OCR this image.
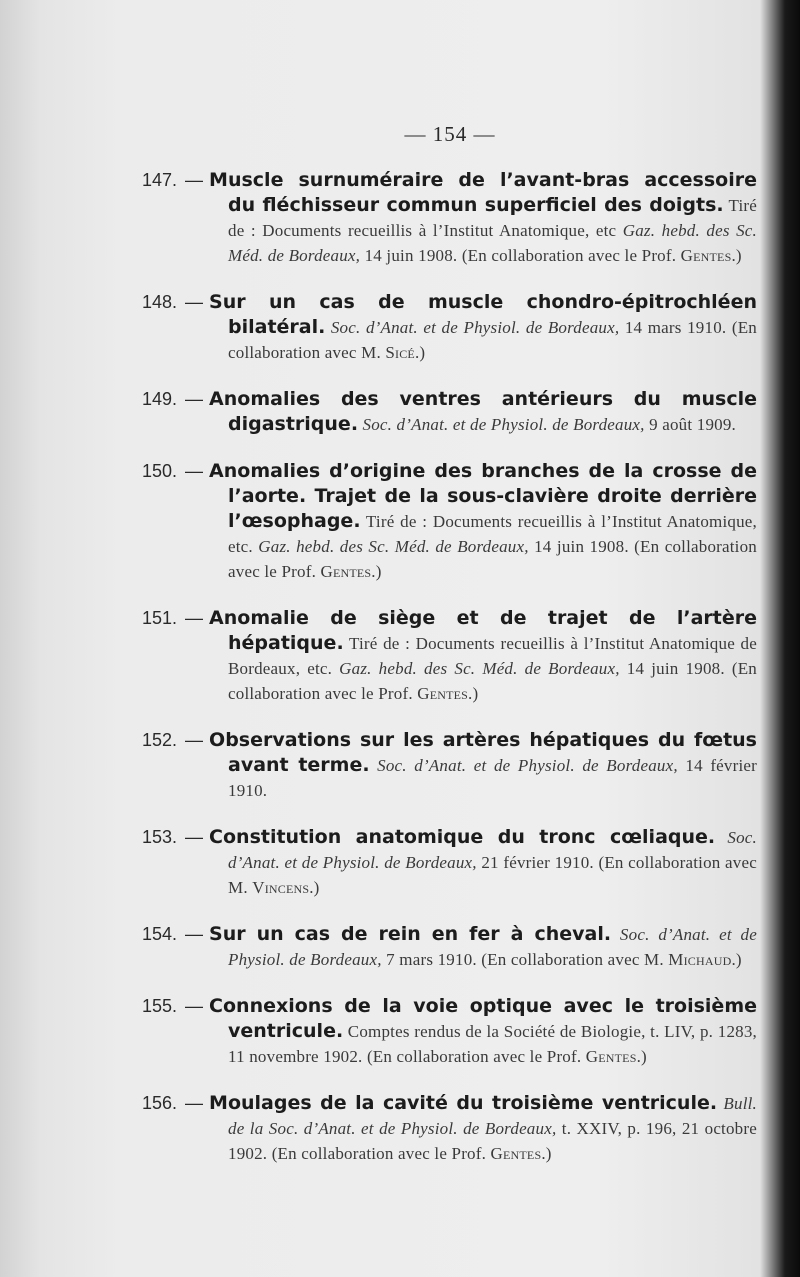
— 154 —

147. — Muscle surnuméraire de l’avant-bras accessoire du fléchisseur commun superficiel des doigts. Tiré de : Documents recueillis à l’Institut Anatomique, etc Gaz. hebd. des Sc. Méd. de Bordeaux, 14 juin 1908. (En collaboration avec le Prof. Gentes.)

148. — Sur un cas de muscle chondro-épitrochléen bilatéral. Soc. d’Anat. et de Physiol. de Bordeaux, 14 mars 1910. (En collaboration avec M. Sicé.)

149. — Anomalies des ventres antérieurs du muscle digastrique. Soc. d’Anat. et de Physiol. de Bordeaux, 9 août 1909.

150. — Anomalies d’origine des branches de la crosse de l’aorte. Trajet de la sous-clavière droite derrière l’œsophage. Tiré de : Documents recueillis à l’Institut Anatomique, etc. Gaz. hebd. des Sc. Méd. de Bordeaux, 14 juin 1908. (En collaboration avec le Prof. Gentes.)

151. — Anomalie de siège et de trajet de l’artère hépatique. Tiré de : Documents recueillis à l’Institut Anatomique de Bordeaux, etc. Gaz. hebd. des Sc. Méd. de Bordeaux, 14 juin 1908. (En collaboration avec le Prof. Gentes.)

152. — Observations sur les artères hépatiques du fœtus avant terme. Soc. d’Anat. et de Physiol. de Bordeaux, 14 février 1910.

153. — Constitution anatomique du tronc cœliaque. Soc. d’Anat. et de Physiol. de Bordeaux, 21 février 1910. (En collaboration avec M. Vincens.)

154. — Sur un cas de rein en fer à cheval. Soc. d’Anat. et de Physiol. de Bordeaux, 7 mars 1910. (En collaboration avec M. Michaud.)

155. — Connexions de la voie optique avec le troisième ventricule. Comptes rendus de la Société de Biologie, t. LIV, p. 1283, 11 novembre 1902. (En collaboration avec le Prof. Gentes.)

156. — Moulages de la cavité du troisième ventricule. Bull. de la Soc. d’Anat. et de Physiol. de Bordeaux, t. XXIV, p. 196, 21 octobre 1902. (En collaboration avec le Prof. Gentes.)
